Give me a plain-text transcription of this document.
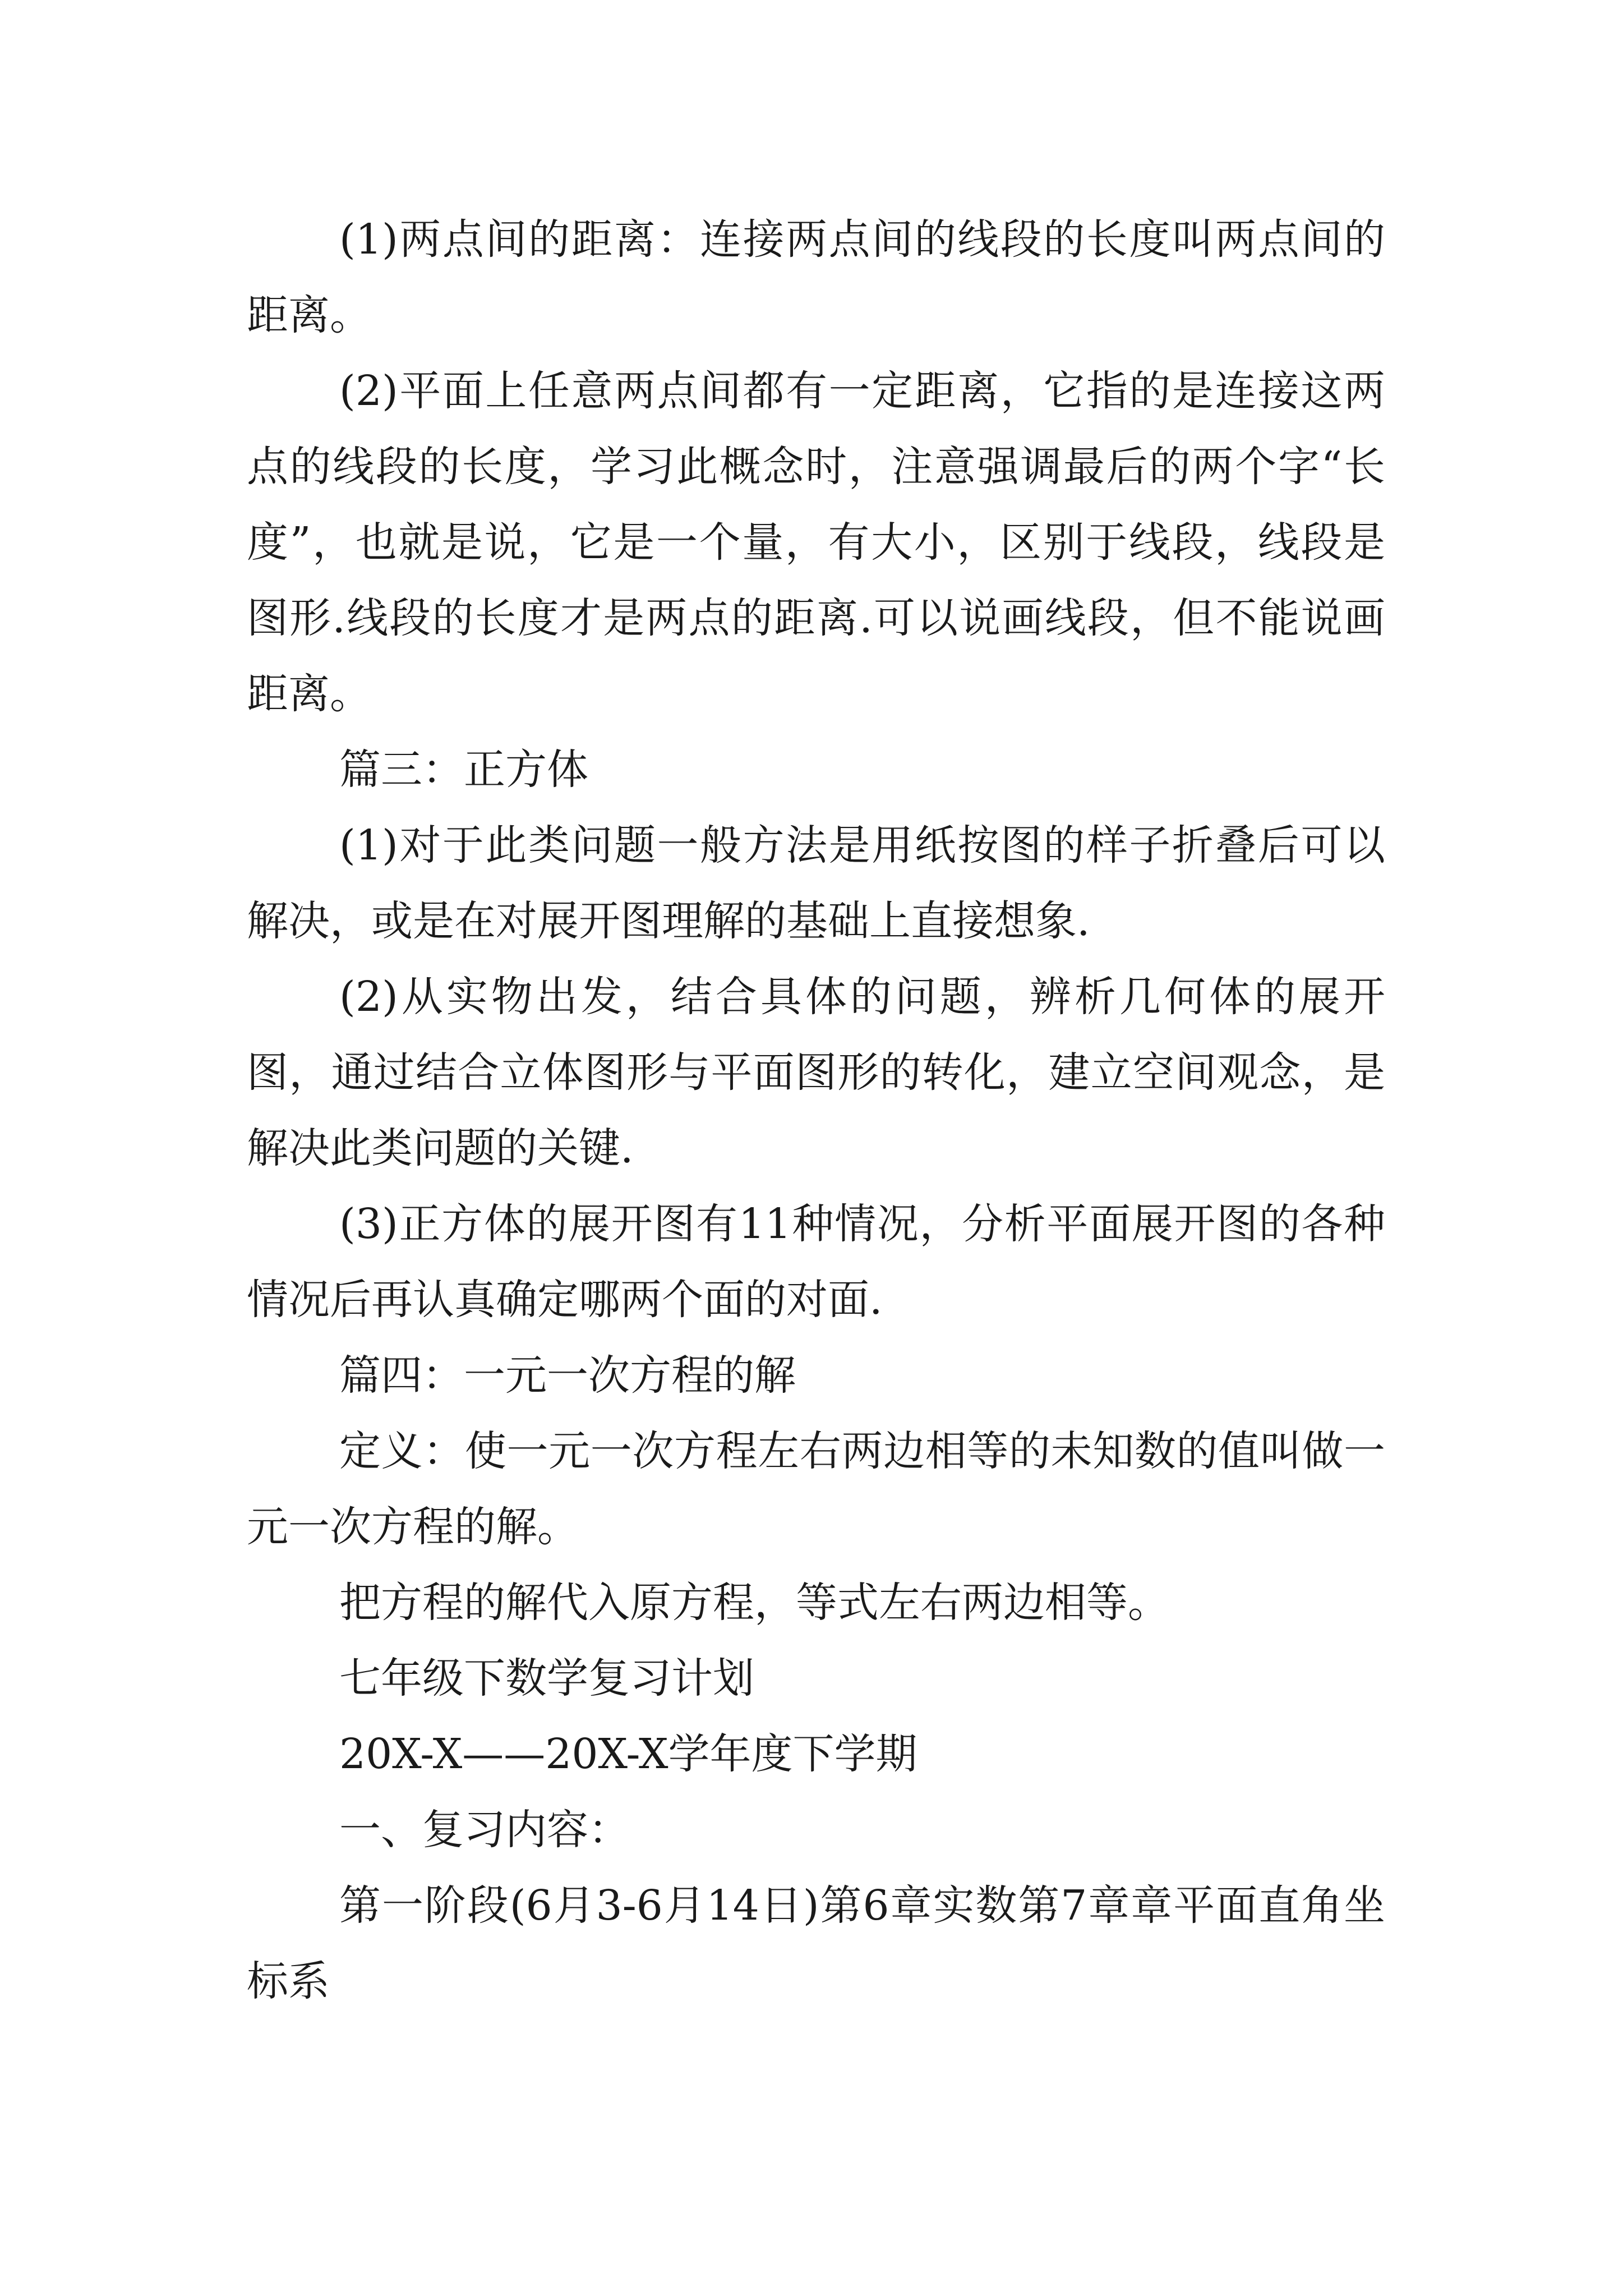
(1)两点间的距离：连接两点间的线段的长度叫两点间的距离。

(2)平面上任意两点间都有一定距离，它指的是连接这两点的线段的长度，学习此概念时，注意强调最后的两个字“长度”，也就是说，它是一个量，有大小，区别于线段，线段是图形.线段的长度才是两点的距离.可以说画线段，但不能说画距离。

篇三：正方体

(1)对于此类问题一般方法是用纸按图的样子折叠后可以解决，或是在对展开图理解的基础上直接想象.

(2)从实物出发，结合具体的问题，辨析几何体的展开图，通过结合立体图形与平面图形的转化，建立空间观念，是解决此类问题的关键.

(3)正方体的展开图有11种情况，分析平面展开图的各种情况后再认真确定哪两个面的对面.

篇四：一元一次方程的解

定义：使一元一次方程左右两边相等的未知数的值叫做一元一次方程的解。

把方程的解代入原方程，等式左右两边相等。

七年级下数学复习计划

20X-X——20X-X学年度下学期

一、复习内容：

第一阶段(6月3-6月14日)第6章实数第7章章平面直角坐标系
